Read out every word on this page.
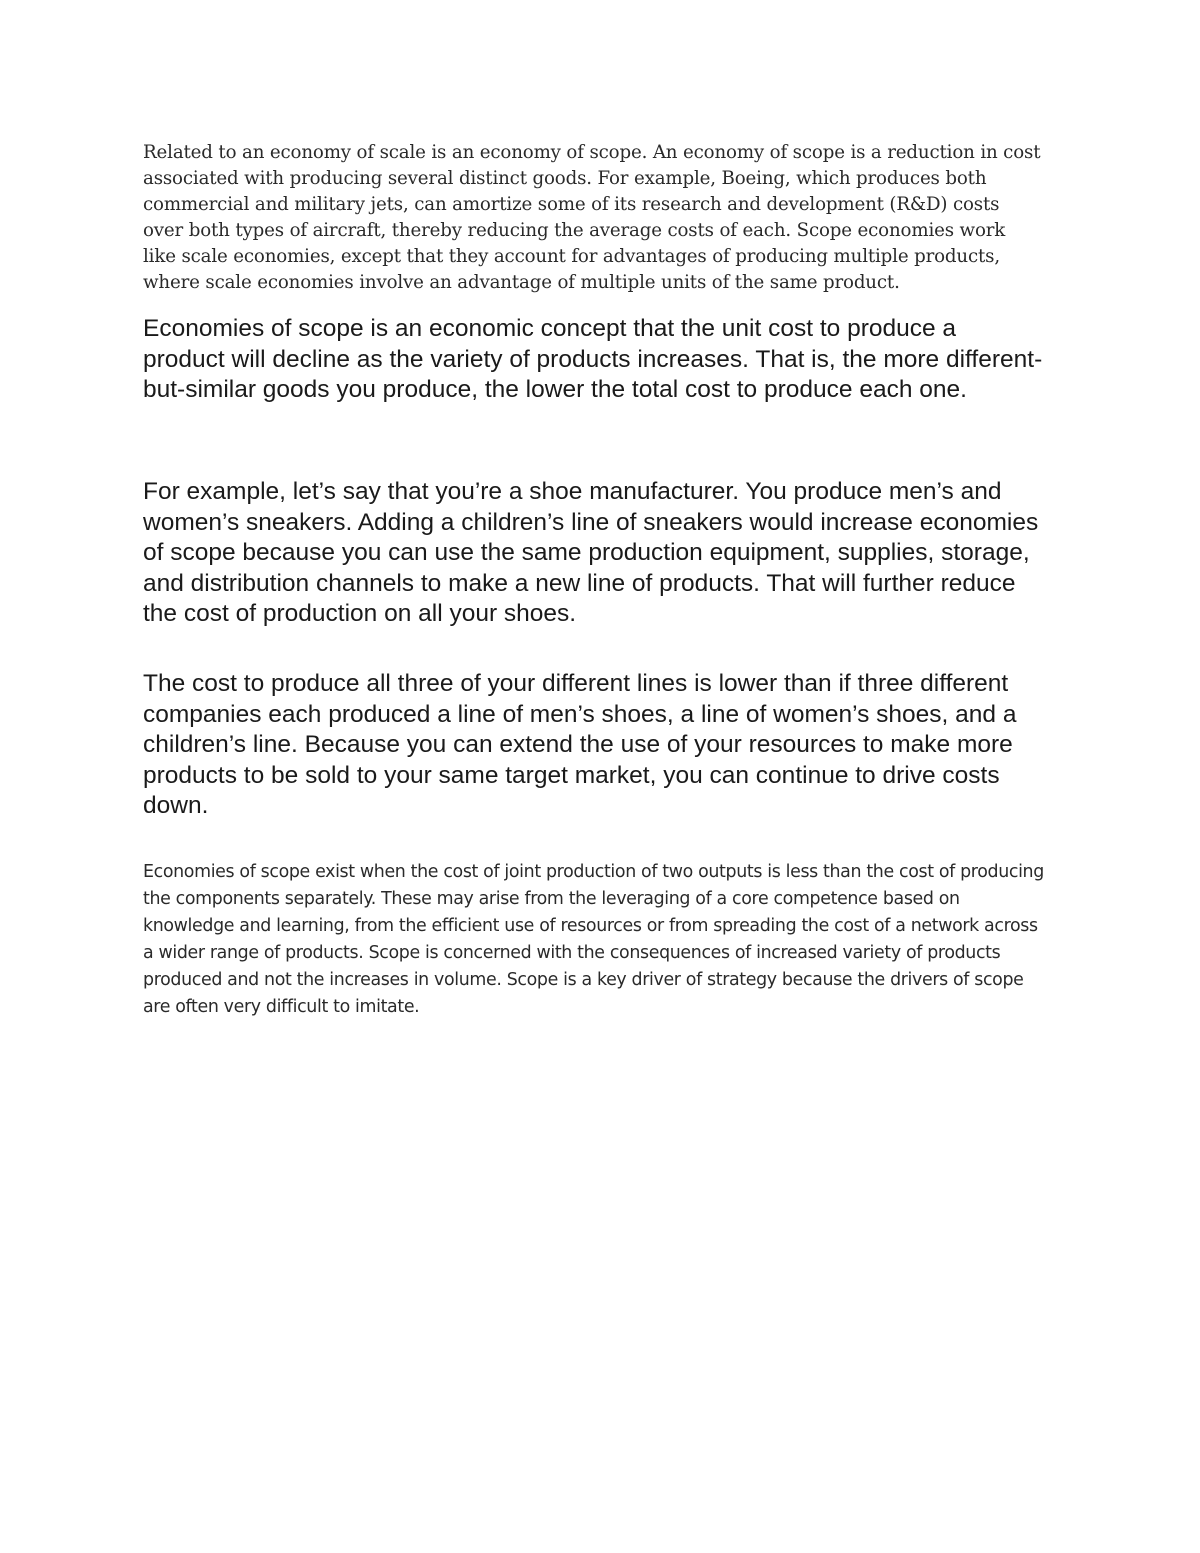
Related to an economy of scale is an economy of scope. An economy of scope is a reduction in cost associated with producing several distinct goods. For example, Boeing, which produces both commercial and military jets, can amortize some of its research and development (R&D) costs over both types of aircraft, thereby reducing the average costs of each. Scope economies work like scale economies, except that they account for advantages of producing multiple products, where scale economies involve an advantage of multiple units of the same product.

Economies of scope is an economic concept that the unit cost to produce a product will decline as the variety of products increases. That is, the more different-but-similar goods you produce, the lower the total cost to produce each one.

For example, let’s say that you’re a shoe manufacturer. You produce men’s and women’s sneakers. Adding a children’s line of sneakers would increase economies of scope because you can use the same production equipment, supplies, storage, and distribution channels to make a new line of products. That will further reduce the cost of production on all your shoes.

The cost to produce all three of your different lines is lower than if three different companies each produced a line of men’s shoes, a line of women’s shoes, and a children’s line. Because you can extend the use of your resources to make more products to be sold to your same target market, you can continue to drive costs down.

Economies of scope exist when the cost of joint production of two outputs is less than the cost of producing the components separately. These may arise from the leveraging of a core competence based on knowledge and learning, from the efficient use of resources or from spreading the cost of a network across a wider range of products. Scope is concerned with the consequences of increased variety of products produced and not the increases in volume. Scope is a key driver of strategy because the drivers of scope are often very difficult to imitate.
